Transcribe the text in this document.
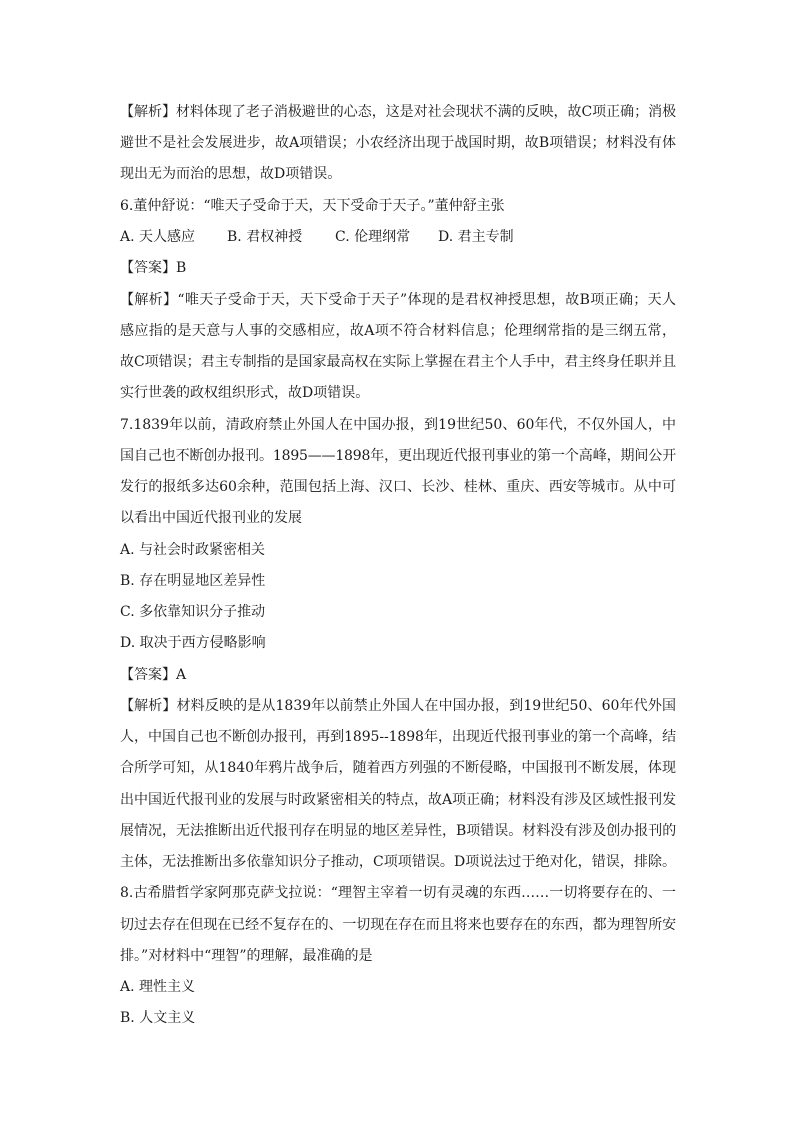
【解析】材料体现了老子消极避世的心态，这是对社会现状不满的反映，故C项正确；消极
避世不是社会发展进步，故A项错误；小农经济出现于战国时期，故B项错误；材料没有体
现出无为而治的思想，故D项错误。
6.董仲舒说：“唯天子受命于天，天下受命于天子。”董仲舒主张
A. 天人感应 B. 君权神授 C. 伦理纲常 D. 君主专制
【答案】B
【解析】“唯天子受命于天，天下受命于天子”体现的是君权神授思想，故B项正确；天人
感应指的是天意与人事的交感相应，故A项不符合材料信息；伦理纲常指的是三纲五常，
故C项错误；君主专制指的是国家最高权在实际上掌握在君主个人手中，君主终身任职并且
实行世袭的政权组织形式，故D项错误。
7.1839年以前，清政府禁止外国人在中国办报，到19世纪50、60年代，不仅外国人，中
国自己也不断创办报刊。1895——1898年，更出现近代报刊事业的第一个高峰，期间公开
发行的报纸多达60余种，范围包括上海、汉口、长沙、桂林、重庆、西安等城市。从中可
以看出中国近代报刊业的发展
A. 与社会时政紧密相关
B. 存在明显地区差异性
C. 多依靠知识分子推动
D. 取决于西方侵略影响
【答案】A
【解析】材料反映的是从1839年以前禁止外国人在中国办报，到19世纪50、60年代外国
人，中国自己也不断创办报刊，再到1895--1898年，出现近代报刊事业的第一个高峰，结
合所学可知，从1840年鸦片战争后，随着西方列强的不断侵略，中国报刊不断发展，体现
出中国近代报刊业的发展与时政紧密相关的特点，故A项正确；材料没有涉及区域性报刊发
展情况，无法推断出近代报刊存在明显的地区差异性，B项错误。材料没有涉及创办报刊的
主体，无法推断出多依靠知识分子推动，C项项错误。D项说法过于绝对化，错误，排除。
8.古希腊哲学家阿那克萨戈拉说：“理智主宰着一切有灵魂的东西……一切将要存在的、一
切过去存在但现在已经不复存在的、一切现在存在而且将来也要存在的东西，都为理智所安
排。”对材料中“理智”的理解，最准确的是
A. 理性主义
B. 人文主义
